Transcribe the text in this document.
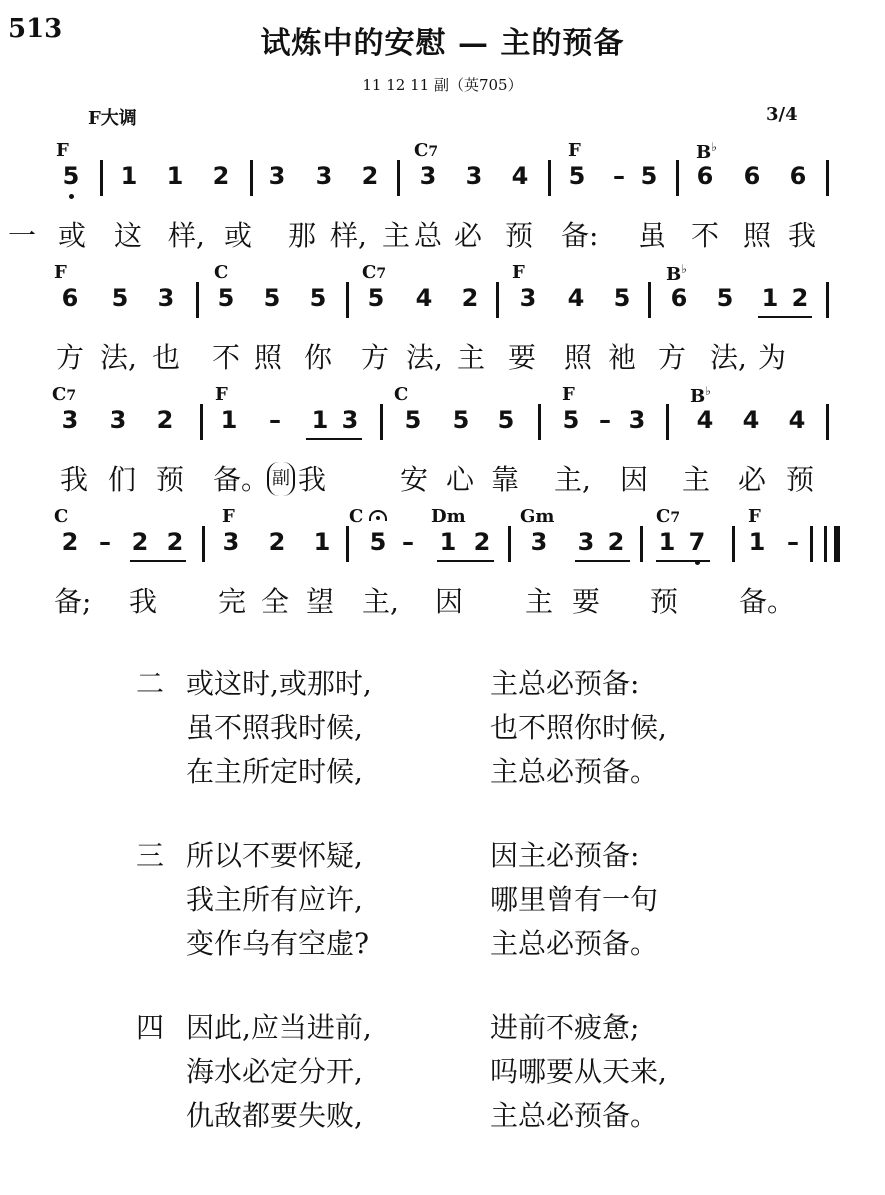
513	试炼中的安慰 — 主的预备
11 12 11 副（英705）
F大调	3/4
F	C7	F	B♭
5 1 1 2 3 3 2 3 3 4 5 – 5 6 6 6
一 或 这 样, 或 那 样, 主 总 必 预 备: 虽 不 照 我
F	C	C7	F	B♭
6 5 3 5 5 5 5 4 2 3 4 5 6 5 1 2
方 法, 也 不 照 你 方 法, 主 要 照 祂 方 法, 为
C7	F	C	F	B♭
3 3 2 1 – 1 3 5 5 5 5 – 3 4 4 4
副
我 们 预 备。 我	安 心 靠 主, 因 主 必 预
C	F	C	Dm	Gm	C7	F
2 – 2 2 3 2 1 5 – 1 2 3 3 2 1 7 1 –
备; 我 完 全 望 主, 因 主 要 预 备。
二 或这时,或那时,	主总必预备:
虽不照我时候,	也不照你时候,
在主所定时候,	主总必预备。
三 所以不要怀疑,	因主必预备:
我主所有应许,	哪里曾有一句
变作乌有空虚?	主总必预备。
四 因此,应当进前,	进前不疲惫;
海水必定分开,	吗哪要从天来,
仇敌都要失败,	主总必预备。
